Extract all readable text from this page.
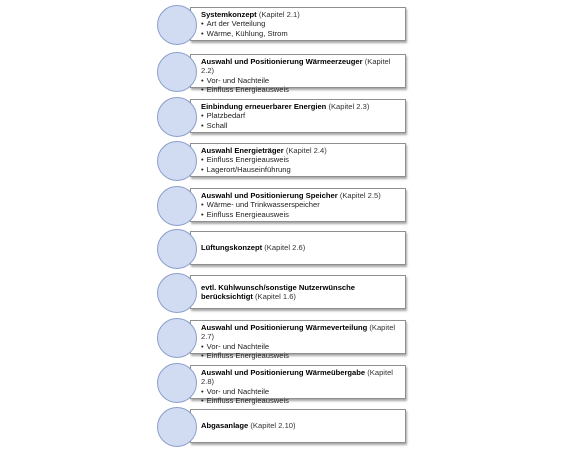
Systemkonzept (Kapitel 2.1)
• Art der Verteilung
• Wärme, Kühlung, Strom
Auswahl und Positionierung Wärmeerzeuger (Kapitel 2.2)
• Vor- und Nachteile
• Einfluss Energieausweis
Einbindung erneuerbarer Energien (Kapitel 2.3)
• Platzbedarf
• Schall
Auswahl Energieträger (Kapitel 2.4)
• Einfluss Energieausweis
• Lagerort/Hauseinführung
Auswahl und Positionierung Speicher (Kapitel 2.5)
• Wärme- und Trinkwasserspeicher
• Einfluss Energieausweis
Lüftungskonzept (Kapitel 2.6)
evtl. Kühlwunsch/sonstige Nutzerwünsche berücksichtigt (Kapitel 1.6)
Auswahl und Positionierung Wärmeverteilung (Kapitel 2.7)
• Vor- und Nachteile
• Einfluss Energieausweis
Auswahl und Positionierung Wärmeübergabe (Kapitel 2.8)
• Vor- und Nachteile
• Einfluss Energieausweis
Abgasanlage (Kapitel 2.10)
